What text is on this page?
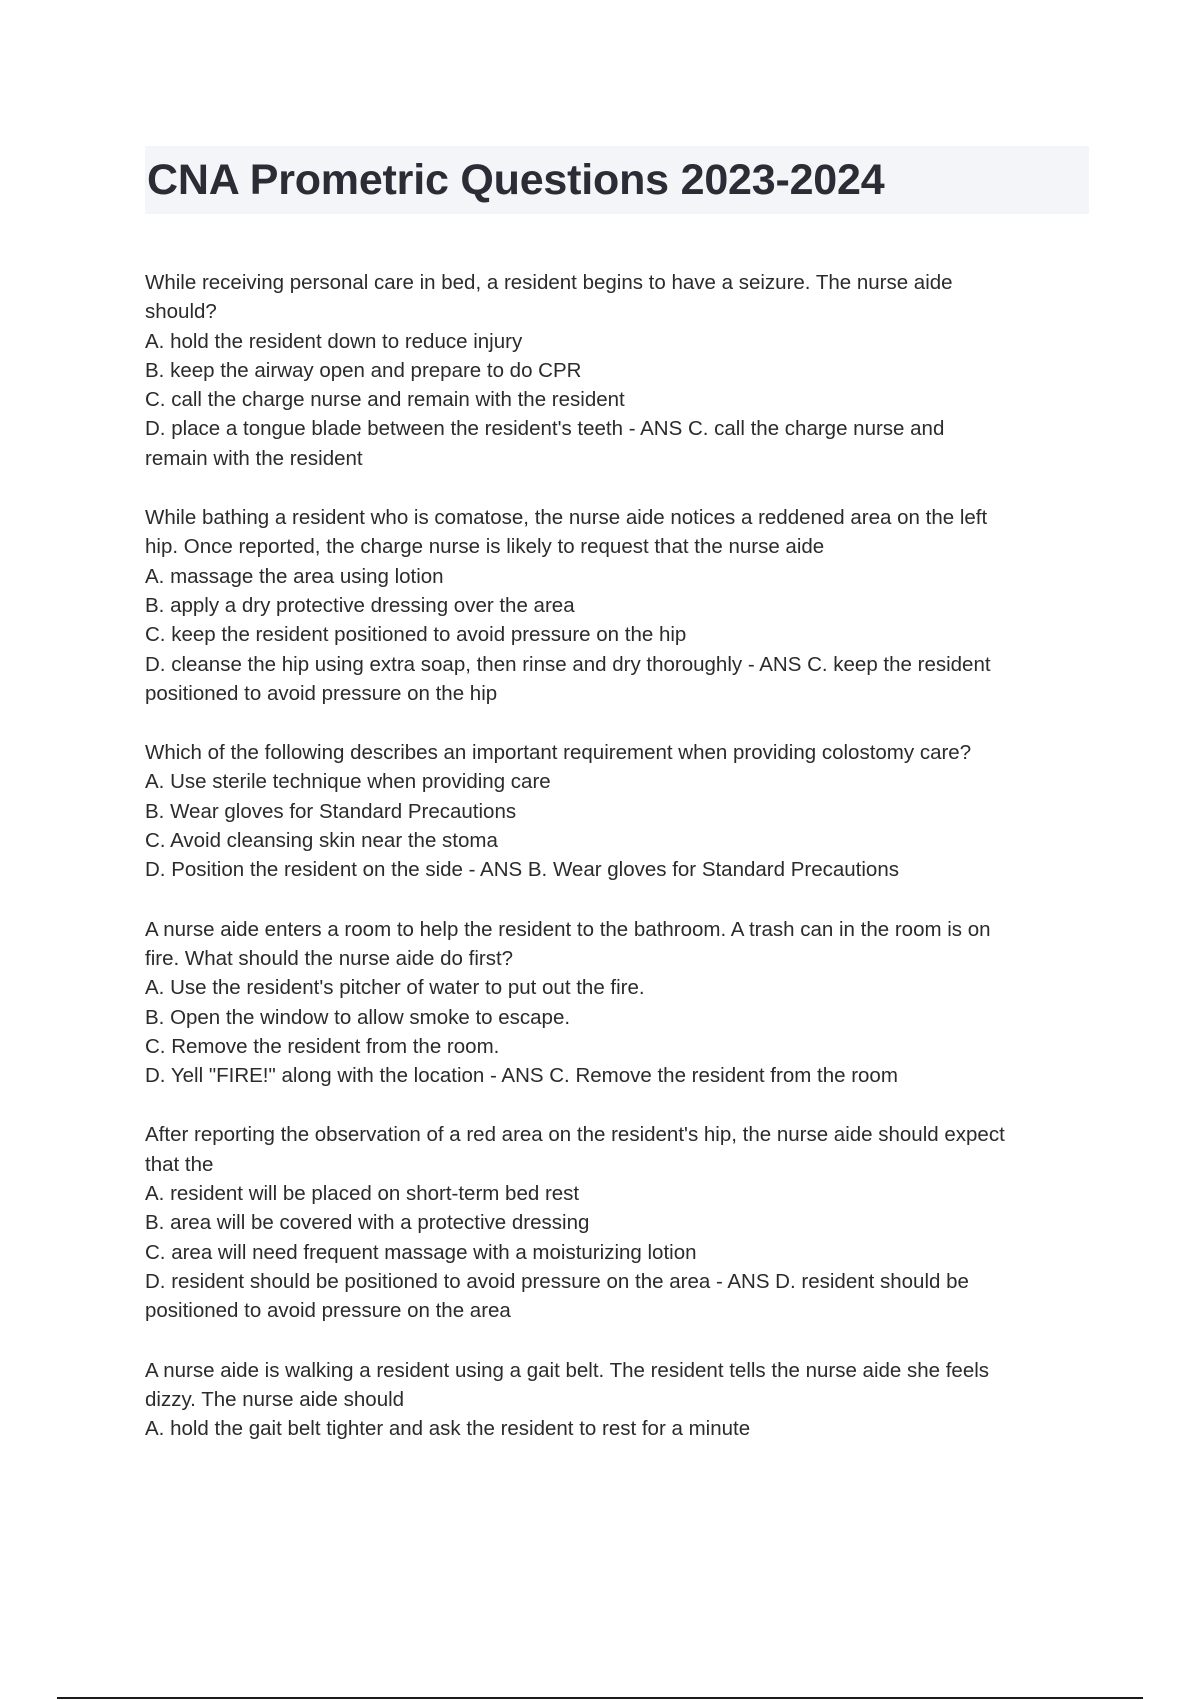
CNA Prometric Questions 2023-2024
While receiving personal care in bed, a resident begins to have a seizure. The nurse aide
should?
A. hold the resident down to reduce injury
B. keep the airway open and prepare to do CPR
C. call the charge nurse and remain with the resident
D. place a tongue blade between the resident's teeth - ANS C. call the charge nurse and
remain with the resident
While bathing a resident who is comatose, the nurse aide notices a reddened area on the left
hip. Once reported, the charge nurse is likely to request that the nurse aide
A. massage the area using lotion
B. apply a dry protective dressing over the area
C. keep the resident positioned to avoid pressure on the hip
D. cleanse the hip using extra soap, then rinse and dry thoroughly - ANS C. keep the resident
positioned to avoid pressure on the hip
Which of the following describes an important requirement when providing colostomy care?
A. Use sterile technique when providing care
B. Wear gloves for Standard Precautions
C. Avoid cleansing skin near the stoma
D. Position the resident on the side - ANS B. Wear gloves for Standard Precautions
A nurse aide enters a room to help the resident to the bathroom. A trash can in the room is on
fire. What should the nurse aide do first?
A. Use the resident's pitcher of water to put out the fire.
B. Open the window to allow smoke to escape.
C. Remove the resident from the room.
D. Yell "FIRE!" along with the location - ANS C. Remove the resident from the room
After reporting the observation of a red area on the resident's hip, the nurse aide should expect
that the
A. resident will be placed on short-term bed rest
B. area will be covered with a protective dressing
C. area will need frequent massage with a moisturizing lotion
D. resident should be positioned to avoid pressure on the area - ANS D. resident should be
positioned to avoid pressure on the area
A nurse aide is walking a resident using a gait belt. The resident tells the nurse aide she feels
dizzy. The nurse aide should
A. hold the gait belt tighter and ask the resident to rest for a minute
